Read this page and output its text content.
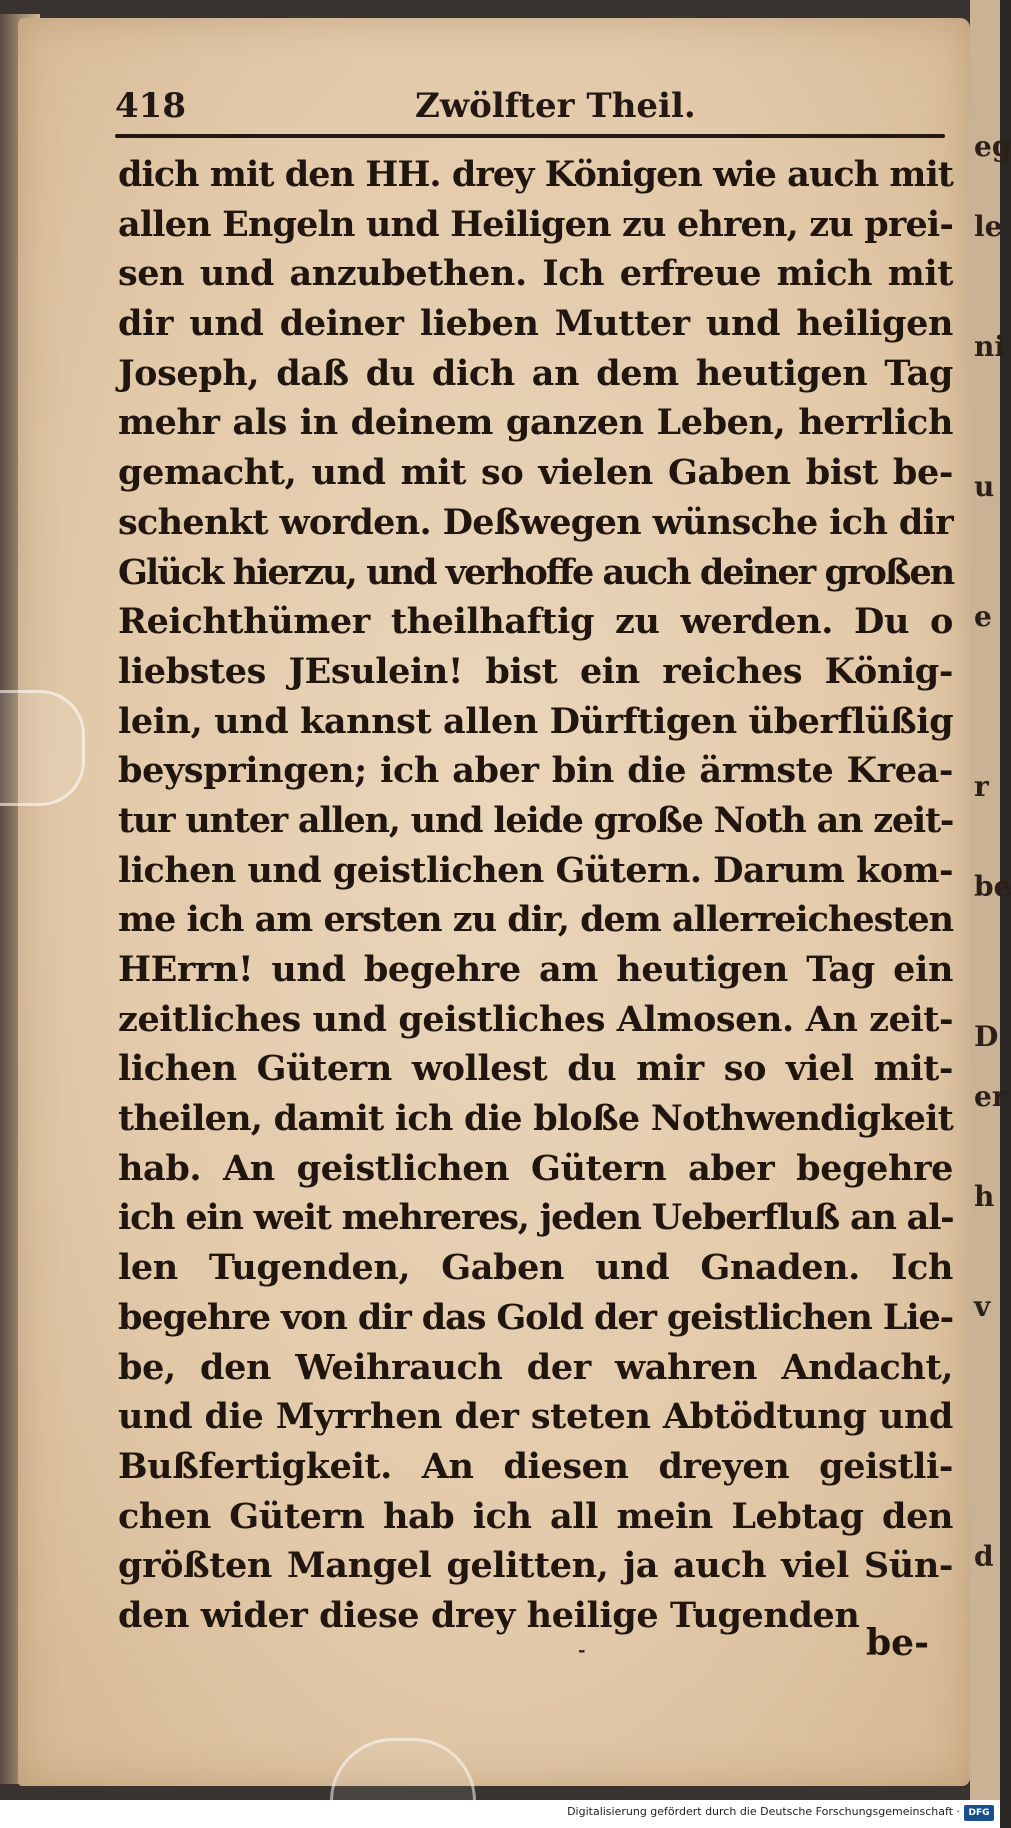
eg
le
ni
u
e
r
be
D
er
h
v
d
418	Zwölfter Theil.
dich mit den HH. drey Königen wie auch mit
allen Engeln und Heiligen zu ehren, zu prei-
sen und anzubethen. Ich erfreue mich mit
dir und deiner lieben Mutter und heiligen
Joseph, daß du dich an dem heutigen Tag
mehr als in deinem ganzen Leben, herrlich
gemacht, und mit so vielen Gaben bist be-
schenkt worden. Deßwegen wünsche ich dir
Glück hierzu, und verhoffe auch deiner großen
Reichthümer theilhaftig zu werden. Du o
liebstes JEsulein! bist ein reiches König-
lein, und kannst allen Dürftigen überflüßig
beyspringen; ich aber bin die ärmste Krea-
tur unter allen, und leide große Noth an zeit-
lichen und geistlichen Gütern. Darum kom-
me ich am ersten zu dir, dem allerreichesten
HErrn! und begehre am heutigen Tag ein
zeitliches und geistliches Almosen. An zeit-
lichen Gütern wollest du mir so viel mit-
theilen, damit ich die bloße Nothwendigkeit
hab. An geistlichen Gütern aber begehre
ich ein weit mehreres, jeden Ueberfluß an al-
len Tugenden, Gaben und Gnaden. Ich
begehre von dir das Gold der geistlichen Lie-
be, den Weihrauch der wahren Andacht,
und die Myrrhen der steten Abtödtung und
Bußfertigkeit. An diesen dreyen geistli-
chen Gütern hab ich all mein Lebtag den
größten Mangel gelitten, ja auch viel Sün-
den wider diese drey heilige Tugenden
-	be-
Digitalisierung gefördert durch die Deutsche Forschungsgemeinschaft · DFG
